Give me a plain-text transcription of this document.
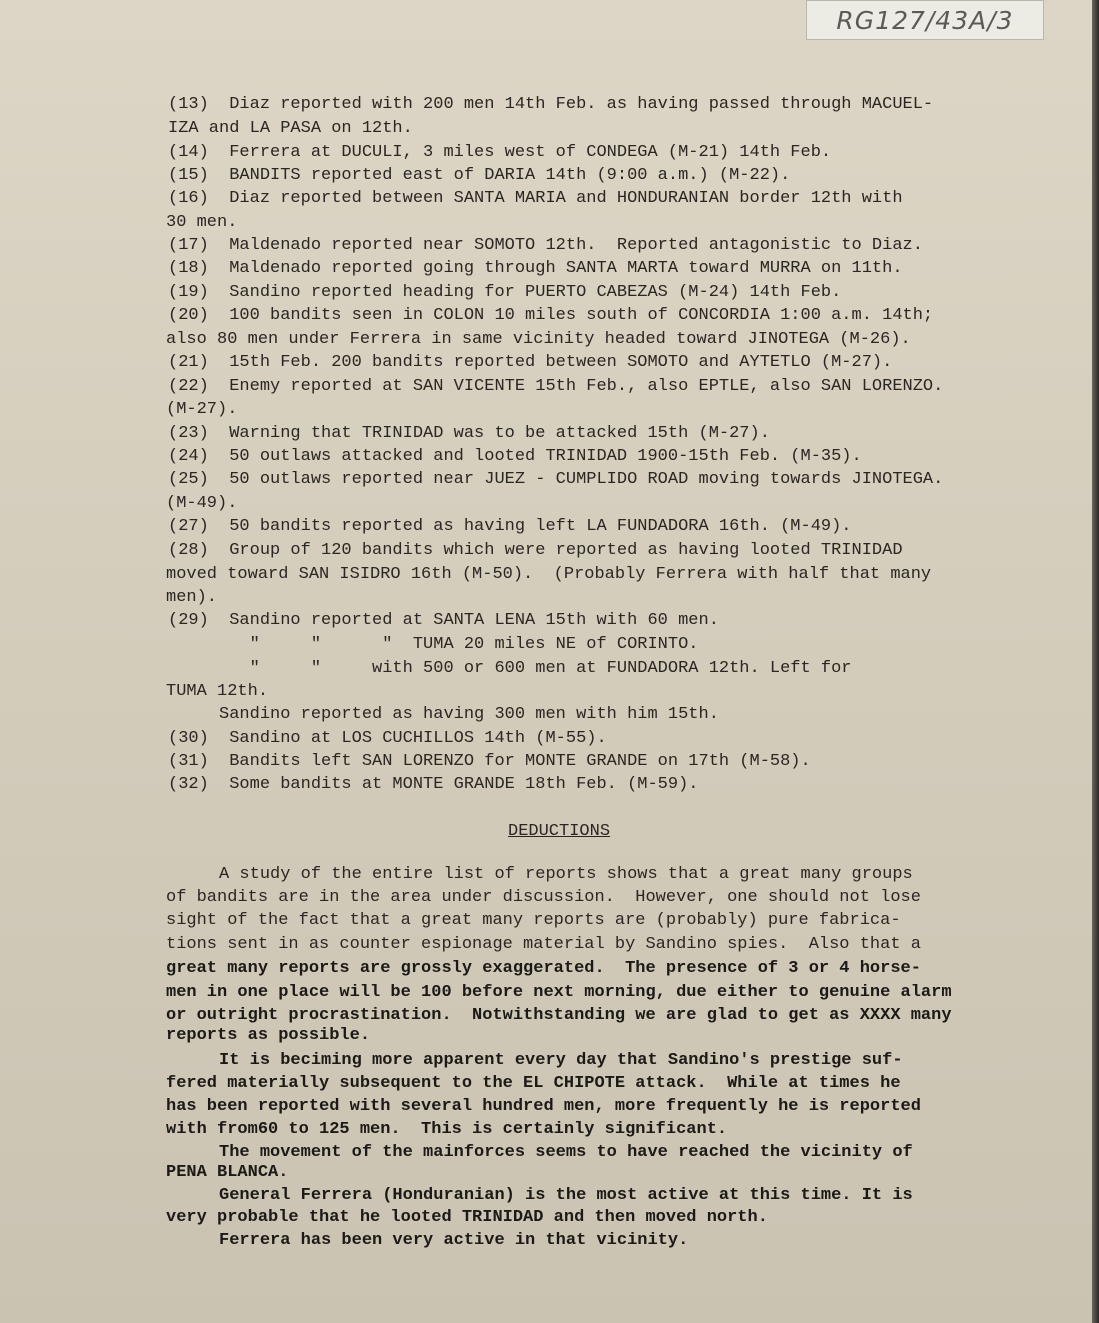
RG127/43A/3
(13)  Diaz reported with 200 men 14th Feb. as having passed through MACUEL-
IZA and LA PASA on 12th.
(14)  Ferrera at DUCULI, 3 miles west of CONDEGA (M-21) 14th Feb.
(15)  BANDITS reported east of DARIA 14th (9:00 a.m.) (M-22).
(16)  Diaz reported between SANTA MARIA and HONDURANIAN border 12th with
30 men.
(17)  Maldenado reported near SOMOTO 12th.  Reported antagonistic to Diaz.
(18)  Maldenado reported going through SANTA MARTA toward MURRA on 11th.
(19)  Sandino reported heading for PUERTO CABEZAS (M-24) 14th Feb.
(20)  100 bandits seen in COLON 10 miles south of CONCORDIA 1:00 a.m. 14th;
also 80 men under Ferrera in same vicinity headed toward JINOTEGA (M-26).
(21)  15th Feb. 200 bandits reported between SOMOTO and AYTETLO (M-27).
(22)  Enemy reported at SAN VICENTE 15th Feb., also EPTLE, also SAN LORENZO.
(M-27).
(23)  Warning that TRINIDAD was to be attacked 15th (M-27).
(24)  50 outlaws attacked and looted TRINIDAD 1900-15th Feb. (M-35).
(25)  50 outlaws reported near JUEZ - CUMPLIDO ROAD moving towards JINOTEGA.
(M-49).
(27)  50 bandits reported as having left LA FUNDADORA 16th. (M-49).
(28)  Group of 120 bandits which were reported as having looted TRINIDAD
moved toward SAN ISIDRO 16th (M-50).  (Probably Ferrera with half that many
men).
(29)  Sandino reported at SANTA LENA 15th with 60 men.
"     "      "  TUMA 20 miles NE of CORINTO.
"     "     with 500 or 600 men at FUNDADORA 12th. Left for
TUMA 12th.
Sandino reported as having 300 men with him 15th.
(30)  Sandino at LOS CUCHILLOS 14th (M-55).
(31)  Bandits left SAN LORENZO for MONTE GRANDE on 17th (M-58).
(32)  Some bandits at MONTE GRANDE 18th Feb. (M-59).
DEDUCTIONS
A study of the entire list of reports shows that a great many groups
of bandits are in the area under discussion.  However, one should not lose
sight of the fact that a great many reports are (probably) pure fabrica-
tions sent in as counter espionage material by Sandino spies.  Also that a
great many reports are grossly exaggerated.  The presence of 3 or 4 horse-
men in one place will be 100 before next morning, due either to genuine alarm
or outright procrastination.  Notwithstanding we are glad to get as XXXX many
reports as possible.
It is beciming more apparent every day that Sandino's prestige suf-
fered materially subsequent to the EL CHIPOTE attack.  While at times he
has been reported with several hundred men, more frequently he is reported
with from60 to 125 men.  This is certainly significant.
The movement of the mainforces seems to have reached the vicinity of
PENA BLANCA.
General Ferrera (Honduranian) is the most active at this time. It is
very probable that he looted TRINIDAD and then moved north.
Ferrera has been very active in that vicinity.
